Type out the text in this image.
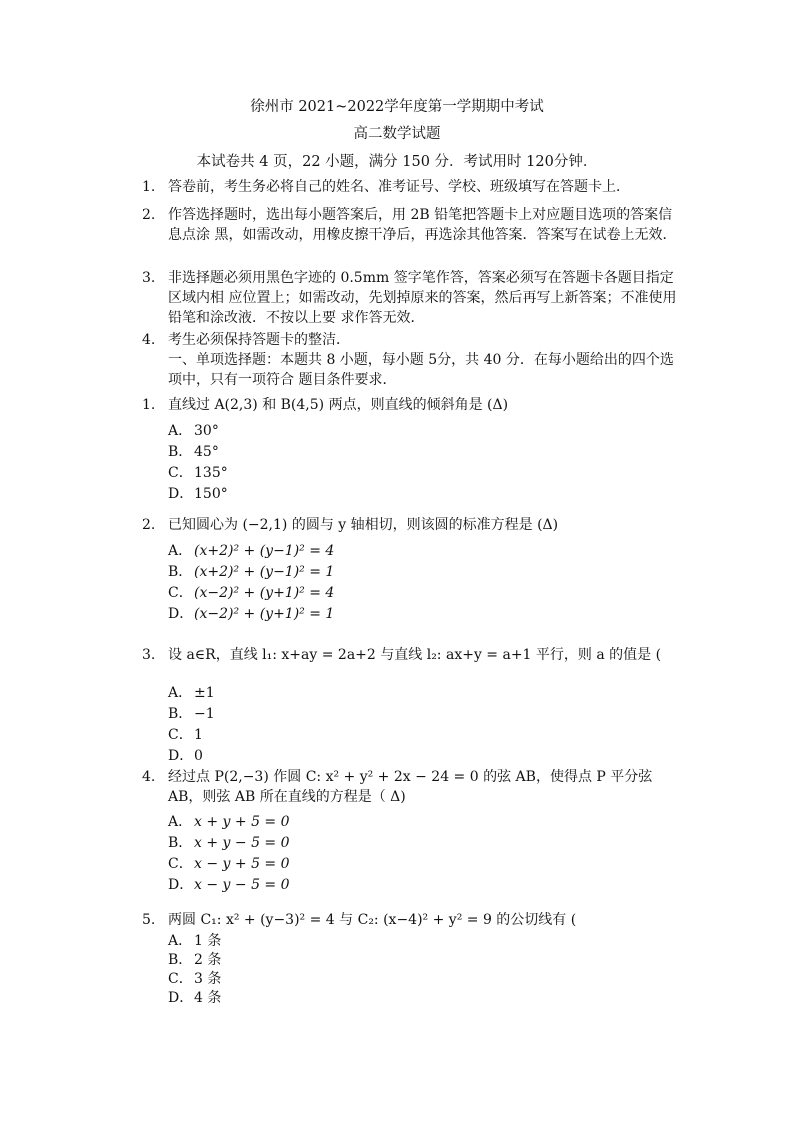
徐州市 2021~2022学年度第一学期期中考试
高二数学试题
本试卷共 4 页，22 小题，满分 150 分．考试用时 120分钟．
1. 答卷前，考生务必将自己的姓名、准考证号、学校、班级填写在答题卡上．
2. 作答选择题时，选出每小题答案后，用 2B 铅笔把答题卡上对应题目选项的答案信息点涂 黑，如需改动，用橡皮擦干净后，再选涂其他答案．答案写在试卷上无效．
3. 非选择题必须用黑色字迹的 0.5mm 签字笔作答，答案必须写在答题卡各题目指定区域内相 应位置上；如需改动，先划掉原来的答案，然后再写上新答案；不准使用铅笔和涂改液．不按以上要 求作答无效．
4. 考生必须保持答题卡的整洁．
一、单项选择题：本题共 8 小题，每小题 5分，共 40 分．在每小题给出的四个选项中，只有一项符合 题目条件要求．
1. 直线过 A(2,3) 和 B(4,5) 两点，则直线的倾斜角是 (Δ)
A． 30°
B． 45°
C． 135°
D． 150°
2. 已知圆心为 (−2,1) 的圆与 y 轴相切，则该圆的标准方程是 (Δ)
A． (x+2)² + (y−1)² = 4
B． (x+2)² + (y−1)² = 1
C． (x−2)² + (y+1)² = 4
D． (x−2)² + (y+1)² = 1
3. 设 a∈R，直线 l₁: x+ay = 2a+2 与直线 l₂: ax+y = a+1 平行，则 a 的值是 (
A． ±1
B． −1
C． 1
D． 0
4. 经过点 P(2,−3) 作圆 C: x² + y² + 2x − 24 = 0 的弦 AB，使得点 P 平分弦 AB，则弦 AB 所在直线的方程是（ Δ)
A． x + y + 5 = 0
B． x + y − 5 = 0
C． x − y + 5 = 0
D． x − y − 5 = 0
5. 两圆 C₁: x² + (y−3)² = 4 与 C₂: (x−4)² + y² = 9 的公切线有 (
A． 1 条
B． 2 条
C． 3 条
D． 4 条
